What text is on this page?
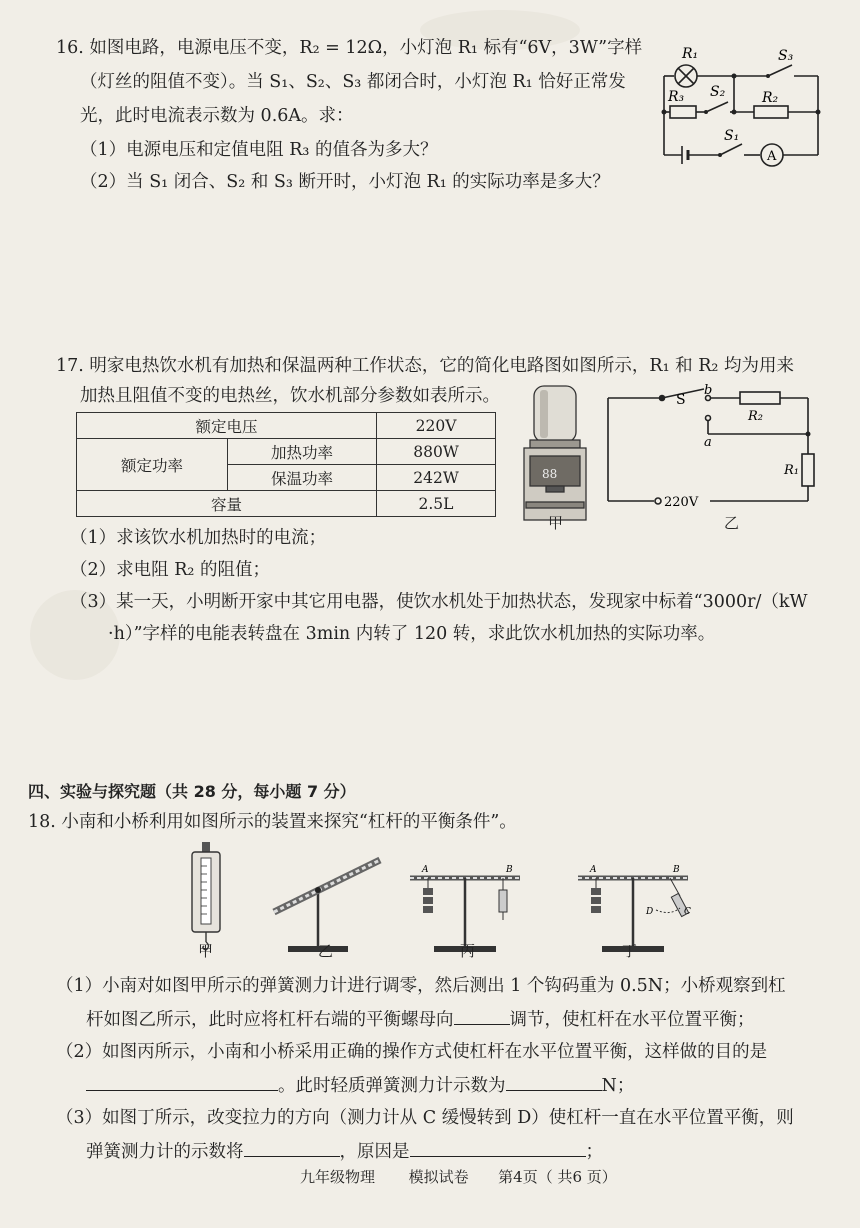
16. 如图电路，电源电压不变，R₂ = 12Ω，小灯泡 R₁ 标有“6V，3W”字样
（灯丝的阻值不变）。当 S₁、S₂、S₃ 都闭合时，小灯泡 R₁ 恰好正常发
光，此时电流表示数为 0.6A。求：
（1）电源电压和定值电阻 R₃ 的值各为多大？
（2）当 S₁ 闭合、S₂ 和 S₃ 断开时，小灯泡 R₁ 的实际功率是多大？
R₁	S₃
R₃ S₂	R₂
S₁
A
17. 明家电热饮水机有加热和保温两种工作状态，它的简化电路图如图所示，R₁ 和 R₂ 均为用来
加热且阻值不变的电热丝，饮水机部分参数如表所示。
额定电压		220V
额定功率	加热功率	880W
	保温功率	242W
容量		2.5L
88
甲
S
b
a
R₂
R₁
220V
乙
（1）求该饮水机加热时的电流；
（2）求电阻 R₂ 的阻值；
（3）某一天，小明断开家中其它用电器，使饮水机处于加热状态，发现家中标着“3000r/（kW
·h）”字样的电能表转盘在 3min 内转了 120 转，求此饮水机加热的实际功率。
四、实验与探究题（共 28 分，每小题 7 分）
18. 小南和小桥利用如图所示的装置来探究“杠杆的平衡条件”。
A	B	A	B
D	C
甲	乙	丙	丁
（1）小南对如图甲所示的弹簧测力计进行调零，然后测出 1 个钩码重为 0.5N；小桥观察到杠
杆如图乙所示，此时应将杠杆右端的平衡螺母向	调节，使杠杆在水平位置平衡；
（2）如图丙所示，小南和小桥采用正确的操作方式使杠杆在水平位置平衡，这样做的目的是
。此时轻质弹簧测力计示数为	N；
（3）如图丁所示，改变拉力的方向（测力计从 C 缓慢转到 D）使杠杆一直在水平位置平衡，则
弹簧测力计的示数将	，原因是	；
九年级物理 模拟试卷 第4页（ 共6 页）
